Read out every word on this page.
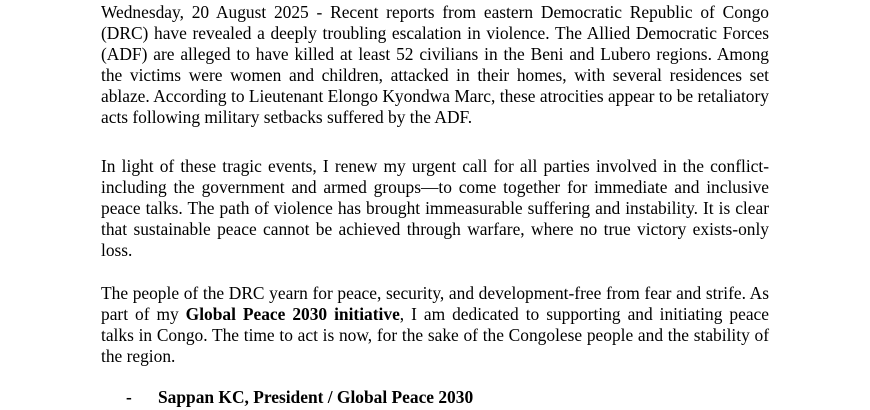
Wednesday, 20 August 2025 - Recent reports from eastern Democratic Republic of Congo (DRC) have revealed a deeply troubling escalation in violence. The Allied Democratic Forces (ADF) are alleged to have killed at least 52 civilians in the Beni and Lubero regions. Among the victims were women and children, attacked in their homes, with several residences set ablaze. According to Lieutenant Elongo Kyondwa Marc, these atrocities appear to be retaliatory acts following military setbacks suffered by the ADF.

In light of these tragic events, I renew my urgent call for all parties involved in the conflict-including the government and armed groups—to come together for immediate and inclusive peace talks. The path of violence has brought immeasurable suffering and instability. It is clear that sustainable peace cannot be achieved through warfare, where no true victory exists-only loss.

The people of the DRC yearn for peace, security, and development-free from fear and strife. As part of my Global Peace 2030 initiative, I am dedicated to supporting and initiating peace talks in Congo. The time to act is now, for the sake of the Congolese people and the stability of the region.

- Sappan KC, President / Global Peace 2030
